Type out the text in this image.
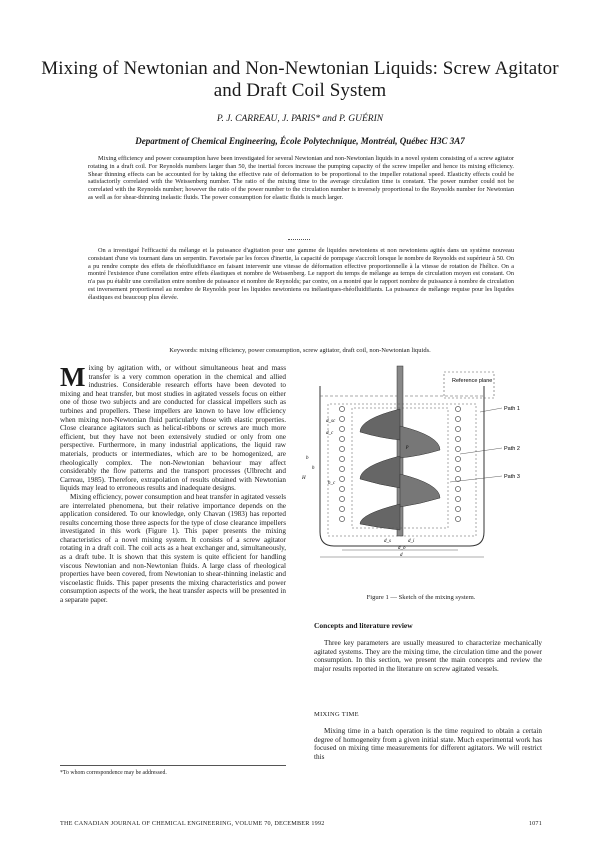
Mixing of Newtonian and Non-Newtonian Liquids: Screw Agitator and Draft Coil System
P. J. CARREAU, J. PARIS* and P. GUÉRIN
Department of Chemical Engineering, École Polytechnique, Montréal, Québec H3C 3A7

Mixing efficiency and power consumption have been investigated for several Newtonian and non-Newtonian liquids in a novel system consisting of a screw agitator rotating in a draft coil. For Reynolds numbers larger than 50, the inertial forces increase the pumping capacity of the screw impeller and hence its mixing efficiency. Shear thinning effects can be accounted for by taking the effective rate of deformation to be proportional to the impeller rotational speed. Elasticity effects could be satisfactorily correlated with the Weissenberg number. The ratio of the mixing time to the average circulation time is constant. The power number could not be correlated with the Reynolds number; however the ratio of the power number to the circulation number is inversely proportional to the Reynolds number for Newtonian as well as for shear-thinning inelastic fluids. The power consumption for elastic fluids is much larger.

On a investigué l'efficacité du mélange et la puissance d'agitation pour une gamme de liquides newtoniens et non newtoniens agités dans un système nouveau consistant d'une vis tournant dans un serpentin. Favorisée par les forces d'inertie, la capacité de pompage s'accroît lorsque le nombre de Reynolds est supérieur à 50. On a pu rendre compte des effets de rhéofluidifiance en faisant intervenir une vitesse de déformation effective proportionnelle à la vitesse de rotation de l'hélice. On a montré l'existence d'une corrélation entre effets élastiques et nombre de Weissenberg. Le rapport du temps de mélange au temps de circulation moyen est constant. On n'a pas pu établir une corrélation entre nombre de puissance et nombre de Reynolds; par contre, on a montré que le rapport nombre de puissance à nombre de circulation est inversement proportionnel au nombre de Reynolds pour les liquides newtoniens ou inélastiques-rhéofluidifiants. La puissance de mélange requise pour les liquides élastiques est beaucoup plus élevée.

Keywords: mixing efficiency, power consumption, screw agitator, draft coil, non-Newtonian liquids.

Mixing by agitation with, or without simultaneous heat and mass transfer is a very common operation in the chemical and allied industries. Considerable research efforts have been devoted to mixing and heat transfer, but most studies in agitated vessels focus on either one of those two subjects and are conducted for classical impellers such as turbines and propellers. These impellers are known to have low efficiency when mixing non-Newtonian fluid particularly those with elastic properties. Close clearance agitators such as helical-ribbons or screws are much more efficient, but they have not been extensively studied or only from one perspective. Furthermore, in many industrial applications, the liquid raw materials, products or intermediates, which are to be homogenized, are rheologically complex. The non-Newtonian behaviour may affect considerably the flow patterns and the transport processes (Ulbrecht and Carreau, 1985). Therefore, extrapolation of results obtained with Newtonian liquids may lead to erroneous results and inadequate designs.

Mixing efficiency, power consumption and heat transfer in agitated vessels are interrelated phenomena, but their relative importance depends on the application considered. To our knowledge, only Chavan (1983) has reported results concerning those three aspects for the type of close clearance impellers investigated in this work (Figure 1). This paper presents the mixing characteristics of a novel mixing system. It consists of a screw agitator rotating in a draft coil. The coil acts as a heat exchanger and, simultaneously, as a draft tube. It is shown that this system is quite efficient for handling viscous Newtonian and non-Newtonian fluids. A large class of rheological properties have been covered, from Newtonian to shear-thinning inelastic and viscoelastic fluids. This paper presents the mixing characteristics and power consumption aspects of the work, the heat transfer aspects will be presented in a separate paper.

*To whom correspondence may be addressed.
Reference plane
Path 1
Path 2
Path 3
d_sc
d_c
p
b
h
H
h_c
d_s	d_i
d_o
d
Figure 1 — Sketch of the mixing system.
Concepts and literature review

Three key parameters are usually measured to characterize mechanically agitated systems. They are the mixing time, the circulation time and the power consumption. In this section, we present the main concepts and review the major results reported in the literature on screw agitated vessels.

MIXING TIME

Mixing time in a batch operation is the time required to obtain a certain degree of homogeneity from a given initial state. Much experimental work has focused on mixing time measurements for different agitators. We will restrict this

THE CANADIAN JOURNAL OF CHEMICAL ENGINEERING, VOLUME 70, DECEMBER 1992	1071
